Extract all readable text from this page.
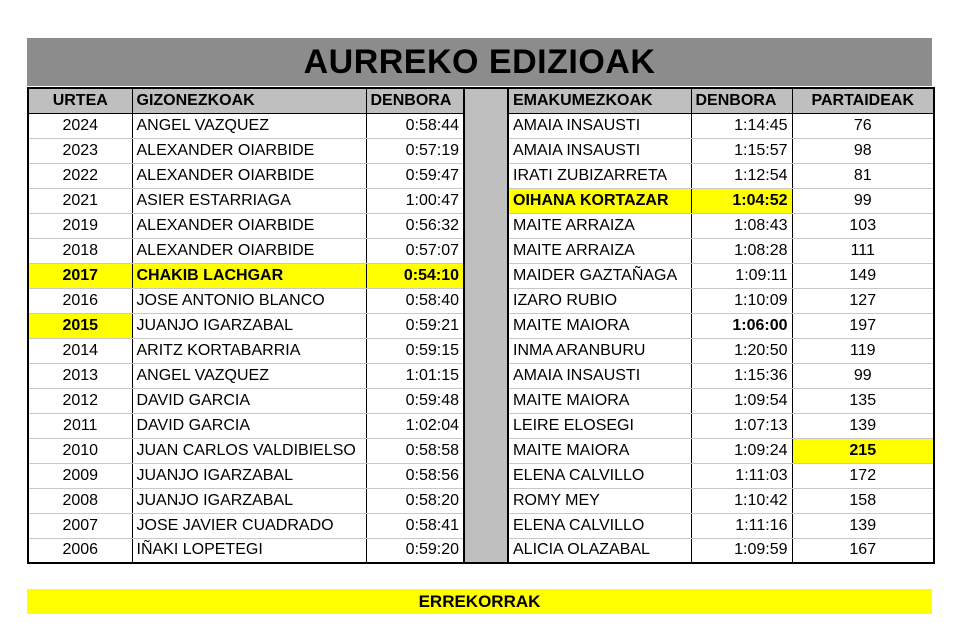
AURREKO EDIZIOAK
URTEA	GIZONEZKOAK	DENBORA		EMAKUMEZKOAK	DENBORA	PARTAIDEAK
2024	ANGEL VAZQUEZ	0:58:44		AMAIA INSAUSTI	1:14:45	76
2023	ALEXANDER OIARBIDE	0:57:19		AMAIA INSAUSTI	1:15:57	98
2022	ALEXANDER OIARBIDE	0:59:47		IRATI ZUBIZARRETA	1:12:54	81
2021	ASIER ESTARRIAGA	1:00:47		OIHANA KORTAZAR	1:04:52	99
2019	ALEXANDER OIARBIDE	0:56:32		MAITE ARRAIZA	1:08:43	103
2018	ALEXANDER OIARBIDE	0:57:07		MAITE ARRAIZA	1:08:28	111
2017	CHAKIB LACHGAR	0:54:10		MAIDER GAZTAÑAGA	1:09:11	149
2016	JOSE ANTONIO BLANCO	0:58:40		IZARO RUBIO	1:10:09	127
2015	JUANJO IGARZABAL	0:59:21		MAITE MAIORA	1:06:00	197
2014	ARITZ KORTABARRIA	0:59:15		INMA ARANBURU	1:20:50	119
2013	ANGEL VAZQUEZ	1:01:15		AMAIA INSAUSTI	1:15:36	99
2012	DAVID GARCIA	0:59:48		MAITE MAIORA	1:09:54	135
2011	DAVID GARCIA	1:02:04		LEIRE ELOSEGI	1:07:13	139
2010	JUAN CARLOS VALDIBIELSO	0:58:58		MAITE MAIORA	1:09:24	215
2009	JUANJO IGARZABAL	0:58:56		ELENA CALVILLO	1:11:03	172
2008	JUANJO IGARZABAL	0:58:20		ROMY MEY	1:10:42	158
2007	JOSE JAVIER CUADRADO	0:58:41		ELENA CALVILLO	1:11:16	139
2006	IÑAKI LOPETEGI	0:59:20		ALICIA OLAZABAL	1:09:59	167
ERREKORRAK
